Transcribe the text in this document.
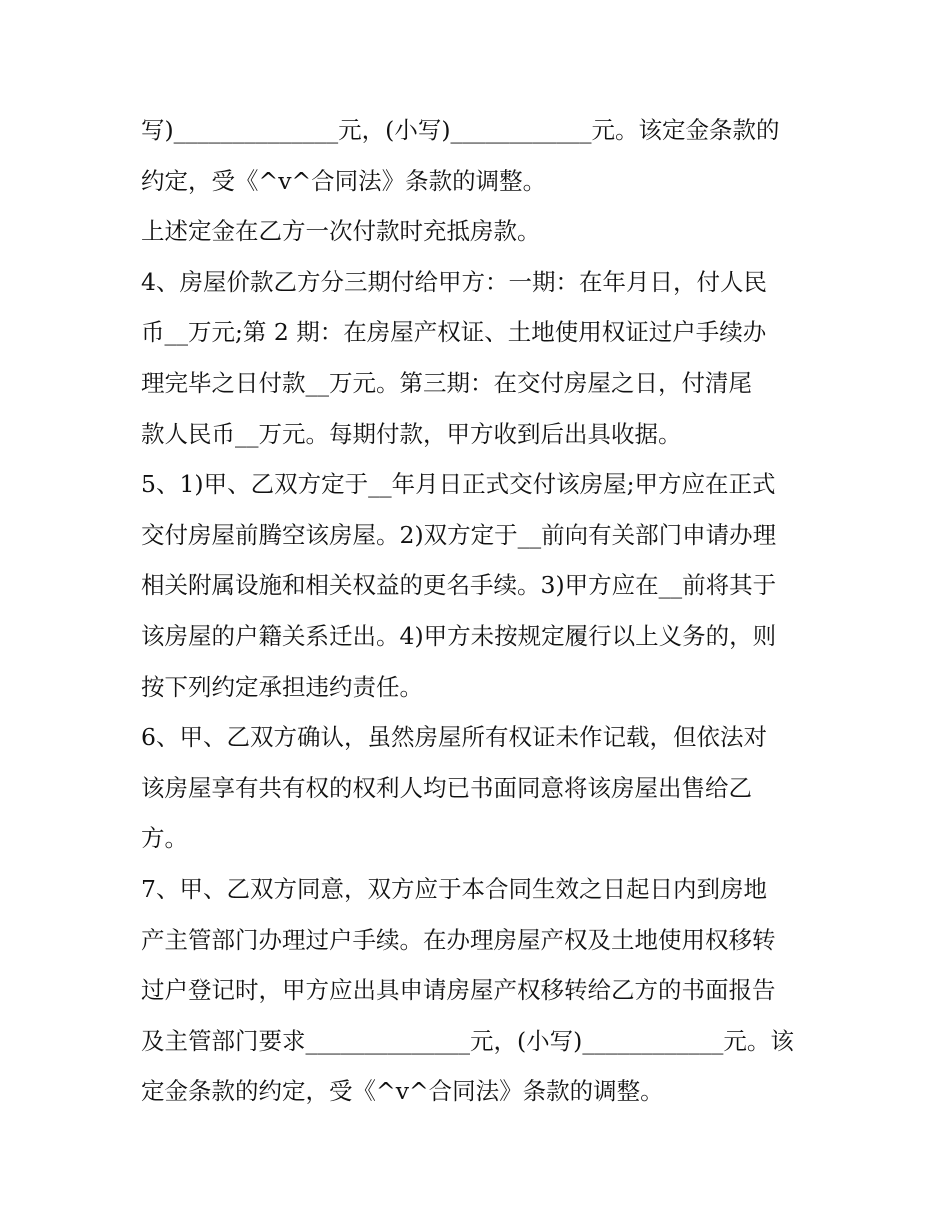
写)______________元，(小写)____________元。该定金条款的
约定，受《^v^合同法》条款的调整。
上述定金在乙方一次付款时充抵房款。
4、房屋价款乙方分三期付给甲方：一期：在年月日，付人民
币__万元;第 2 期：在房屋产权证、土地使用权证过户手续办
理完毕之日付款__万元。第三期：在交付房屋之日，付清尾
款人民币__万元。每期付款，甲方收到后出具收据。
5、1)甲、乙双方定于__年月日正式交付该房屋;甲方应在正式
交付房屋前腾空该房屋。2)双方定于__前向有关部门申请办理
相关附属设施和相关权益的更名手续。3)甲方应在__前将其于
该房屋的户籍关系迁出。4)甲方未按规定履行以上义务的，则
按下列约定承担违约责任。
6、甲、乙双方确认，虽然房屋所有权证未作记载，但依法对
该房屋享有共有权的权利人均已书面同意将该房屋出售给乙
方。
7、甲、乙双方同意，双方应于本合同生效之日起日内到房地
产主管部门办理过户手续。在办理房屋产权及土地使用权移转
过户登记时，甲方应出具申请房屋产权移转给乙方的书面报告
及主管部门要求______________元，(小写)____________元。该
定金条款的约定，受《^v^合同法》条款的调整。
